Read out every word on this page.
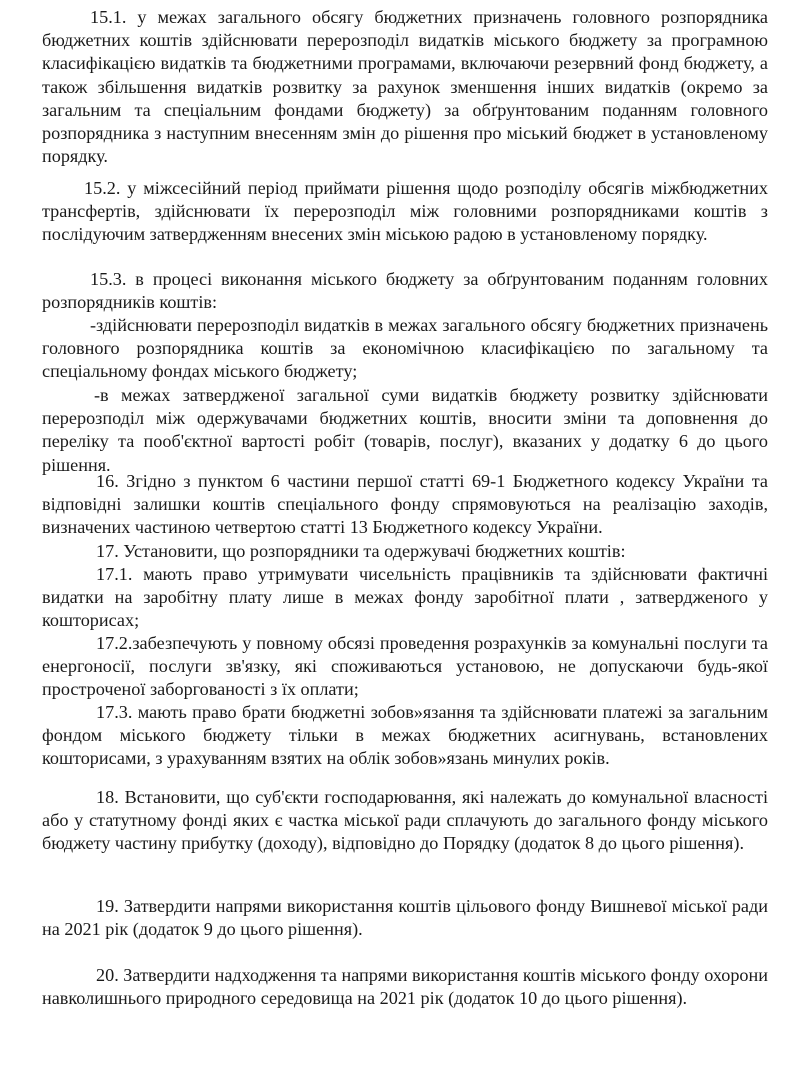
15.1. у межах загального обсягу бюджетних призначень головного розпорядника бюджетних коштів здійснювати перерозподіл видатків міського бюджету за програмною класифікацією видатків та бюджетними програмами, включаючи резервний фонд бюджету, а також збільшення видатків розвитку за рахунок зменшення інших видатків (окремо за загальним та спеціальним фондами бюджету) за обґрунтованим поданням головного розпорядника з наступним внесенням змін до рішення про міський бюджет в установленому порядку.

15.2. у міжсесійний період приймати рішення щодо розподілу обсягів міжбюджетних трансфертів, здійснювати їх перерозподіл між головними розпорядниками коштів з послідуючим затвердженням внесених змін міською радою в установленому порядку.

15.3. в процесі виконання міського бюджету за обґрунтованим поданням головних розпорядників коштів:

-здійснювати перерозподіл видатків в межах загального обсягу бюджетних призначень головного розпорядника коштів за економічною класифікацією по загальному та спеціальному фондах міського бюджету;

-в межах затвердженої загальної суми видатків бюджету розвитку здійснювати перерозподіл між одержувачами бюджетних коштів, вносити зміни та доповнення до переліку та пооб'єктної вартості робіт (товарів, послуг), вказаних у додатку 6 до цього рішення.

16. Згідно з пунктом 6 частини першої статті 69-1 Бюджетного кодексу України та відповідні залишки коштів спеціального фонду спрямовуються на реалізацію заходів, визначених частиною четвертою статті 13 Бюджетного кодексу України.

17. Установити, що розпорядники та одержувачі бюджетних коштів:

17.1. мають право утримувати чисельність працівників та здійснювати фактичні видатки на заробітну плату лише в межах фонду заробітної плати , затвердженого у кошторисах;

17.2.забезпечують у повному обсязі проведення розрахунків за комунальні послуги та енергоносії, послуги зв'язку, які споживаються установою, не допускаючи будь-якої простроченої заборгованості з їх оплати;

17.3. мають право брати бюджетні зобов»язання та здійснювати платежі за загальним фондом міського бюджету тільки в межах бюджетних асигнувань, встановлених кошторисами, з урахуванням взятих на облік зобов»язань минулих років.

18. Встановити, що суб'єкти господарювання, які належать до комунальної власності або у статутному фонді яких є частка міської ради сплачують до загального фонду міського бюджету частину прибутку (доходу), відповідно до Порядку (додаток 8 до цього рішення).

19. Затвердити напрями використання коштів цільового фонду Вишневої міської ради на 2021 рік (додаток 9 до цього рішення).

20. Затвердити надходження та напрями використання коштів міського фонду охорони навколишнього природного середовища на 2021 рік (додаток 10 до цього рішення).
